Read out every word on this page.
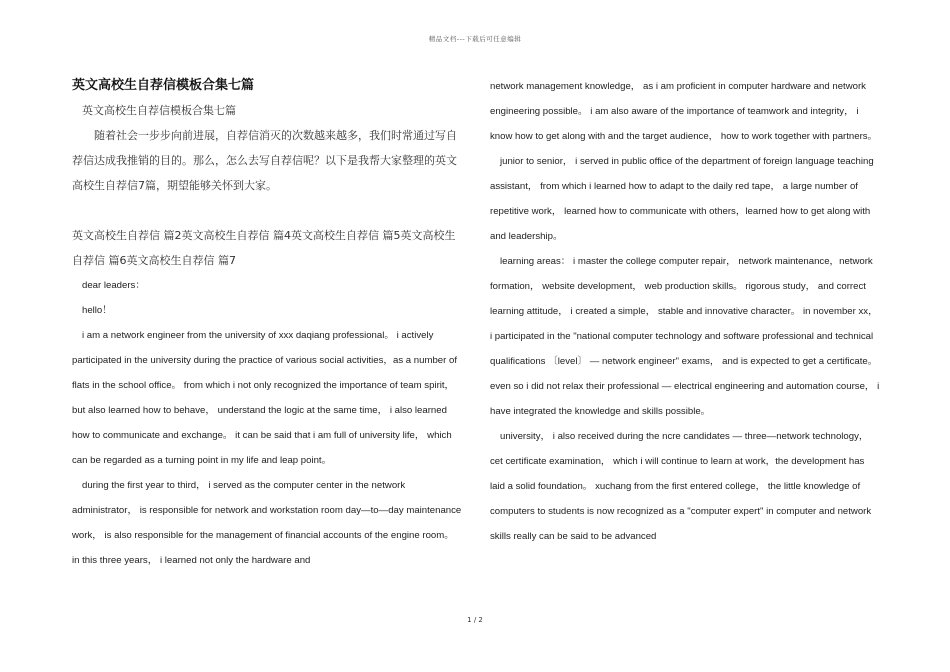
精品文档---下载后可任意编辑

英文高校生自荐信模板合集七篇

英文高校生自荐信模板合集七篇

随着社会一步步向前进展，自荐信消灭的次数越来越多，我们时常通过写自荐信达成我推销的目的。那么，怎么去写自荐信呢？以下是我帮大家整理的英文高校生自荐信7篇，期望能够关怀到大家。

英文高校生自荐信 篇2英文高校生自荐信 篇4英文高校生自荐信 篇5英文高校生自荐信 篇6英文高校生自荐信 篇7

dear leaders：

hello！

i am a network engineer from the university of xxx daqiang professional。 i actively participated in the university during the practice of various social activities，as a number of flats in the school office。 from which i not only recognized the importance of team spirit， but also learned how to behave， understand the logic at the same time， i also learned how to communicate and exchange。 it can be said that i am full of university life， which can be regarded as a turning point in my life and leap point。

during the first year to third， i served as the computer center in the network administrator， is responsible for network and workstation room day—to—day maintenance work， is also responsible for the management of financial accounts of the engine room。 in this three years， i learned not only the hardware and

network management knowledge， as i am proficient in computer hardware and network engineering possible。 i am also aware of the importance of teamwork and integrity， i know how to get along with and the target audience， how to work together with partners。

junior to senior， i served in public office of the department of foreign language teaching assistant， from which i learned how to adapt to the daily red tape， a large number of repetitive work， learned how to communicate with others，learned how to get along with and leadership。

learning areas： i master the college computer repair， network maintenance，network formation， website development， web production skills。 rigorous study， and correct learning attitude， i created a simple， stable and innovative character。 in november xx， i participated in the "national computer technology and software professional and technical qualifications 〔level〕 — network engineer" exams， and is expected to get a certificate。 even so i did not relax their professional — electrical engineering and automation course， i have integrated the knowledge and skills possible。

university， i also received during the ncre candidates — three—network technology， cet certificate examination， which i will continue to learn at work，the development has laid a solid foundation。 xuchang from the first entered college， the little knowledge of computers to students is now recognized as a "computer expert" in computer and network skills really can be said to be advanced

1 / 2
